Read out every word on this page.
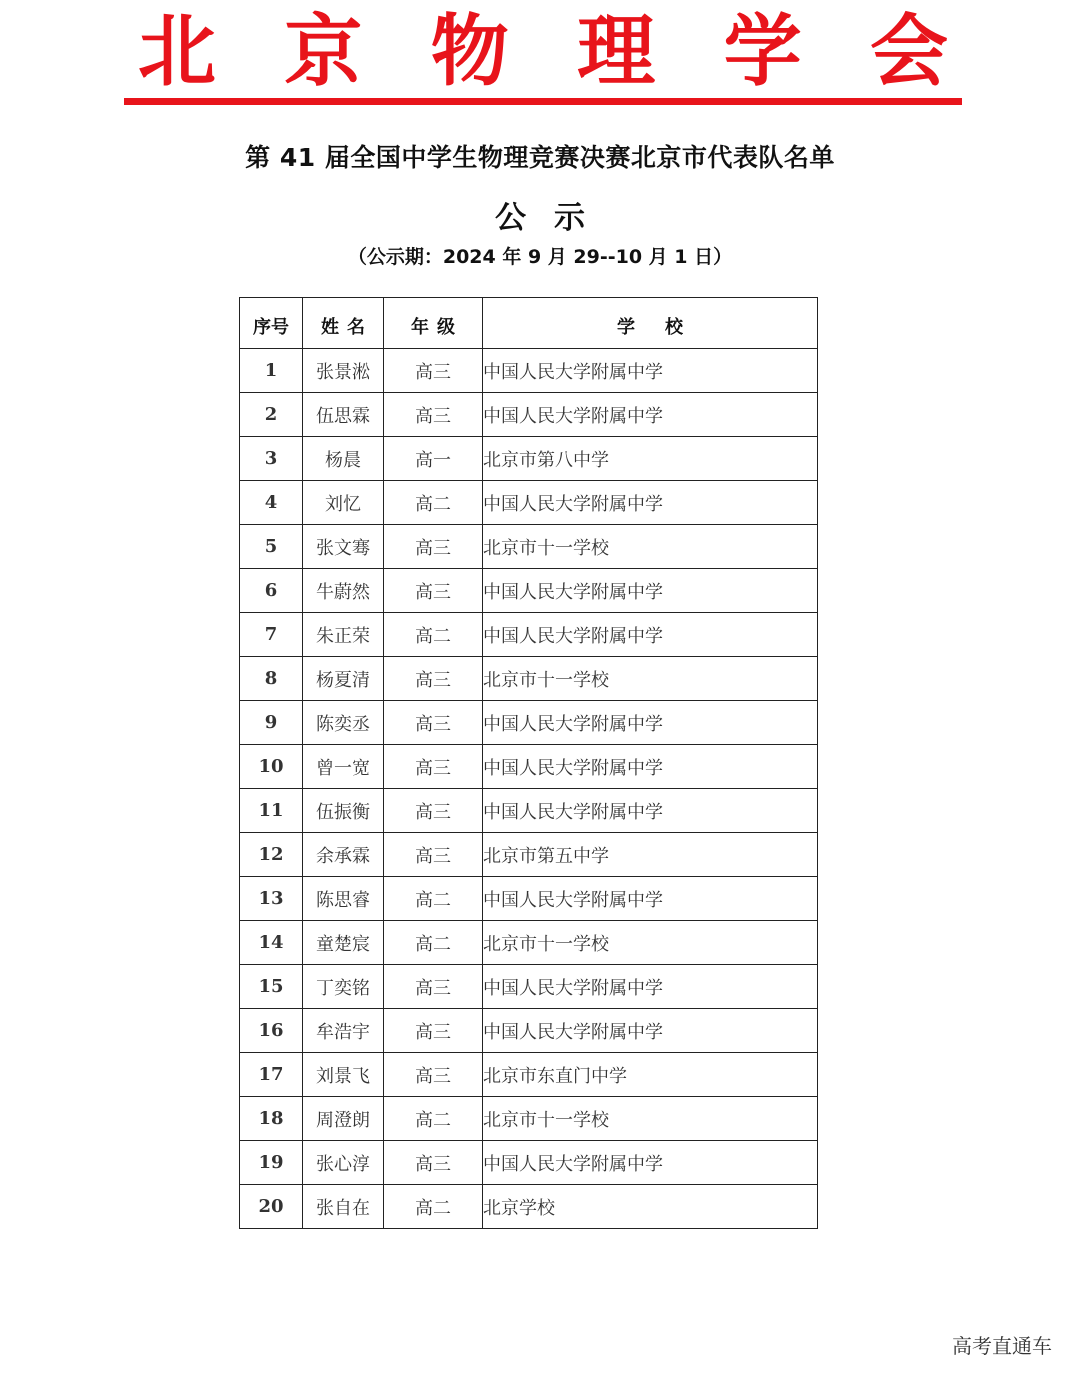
北 京 物 理 学 会
第 41 届全国中学生物理竞赛决赛北京市代表队名单
公示
（公示期：2024 年 9 月 29--10 月 1 日）
序号	姓名	年级	学校
1	张景淞	高三	中国人民大学附属中学
2	伍思霖	高三	中国人民大学附属中学
3	杨晨	高一	北京市第八中学
4	刘忆	高二	中国人民大学附属中学
5	张文骞	高三	北京市十一学校
6	牛蔚然	高三	中国人民大学附属中学
7	朱正荣	高二	中国人民大学附属中学
8	杨夏清	高三	北京市十一学校
9	陈奕丞	高三	中国人民大学附属中学
10	曾一宽	高三	中国人民大学附属中学
11	伍振衡	高三	中国人民大学附属中学
12	余承霖	高三	北京市第五中学
13	陈思睿	高二	中国人民大学附属中学
14	童楚宸	高二	北京市十一学校
15	丁奕铭	高三	中国人民大学附属中学
16	牟浩宇	高三	中国人民大学附属中学
17	刘景飞	高三	北京市东直门中学
18	周澄朗	高二	北京市十一学校
19	张心淳	高三	中国人民大学附属中学
20	张自在	高二	北京学校
高考直通车
